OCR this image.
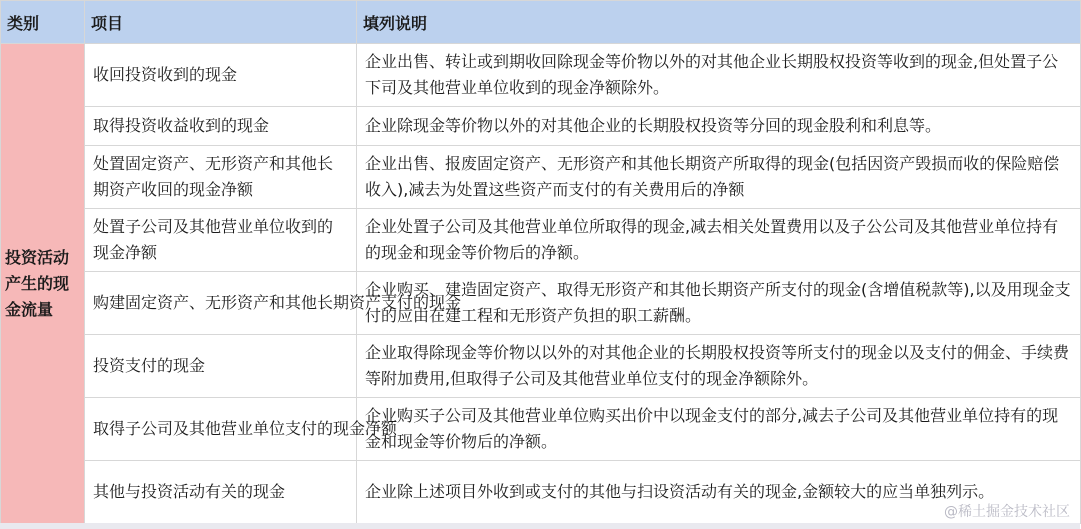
类别	项目	填列说明
投资活动产生的现金流量	收回投资收到的现金	企业出售、转让或到期收回除现金等价物以外的对其他企业长期股权投资等收到的现金,但处置子公下司及其他营业单位收到的现金净额除外。
	取得投资收益收到的现金	企业除现金等价物以外的对其他企业的长期股权投资等分回的现金股利和利息等。
	处置固定资产、无形资产和其他长期资产收回的现金净额	企业出售、报废固定资产、无形资产和其他长期资产所取得的现金(包括因资产毁损而收的保险赔偿收入),减去为处置这些资产而支付的有关费用后的净额
	处置子公司及其他营业单位收到的现金净额	企业处置子公司及其他营业单位所取得的现金,减去相关处置费用以及子公公司及其他营业单位持有的现金和现金等价物后的净额。
	购建固定资产、无形资产和其他长期资产支付的现金	企业购买、建造固定资产、取得无形资产和其他长期资产所支付的现金(含增值税款等),以及用现金支付的应由在建工程和无形资产负担的职工薪酬。
	投资支付的现金	企业取得除现金等价物以以外的对其他企业的长期股权投资等所支付的现金以及支付的佣金、手续费等附加费用,但取得子公司及其他营业单位支付的现金净额除外。
	取得子公司及其他营业单位支付的现金净额	企业购买子公司及其他营业单位购买出价中以现金支付的部分,减去子公司及其他营业单位持有的现金和现金等价物后的净额。
	其他与投资活动有关的现金	企业除上述项目外收到或支付的其他与扫设资活动有关的现金,金额较大的应当单独列示。
@稀土掘金技术社区
